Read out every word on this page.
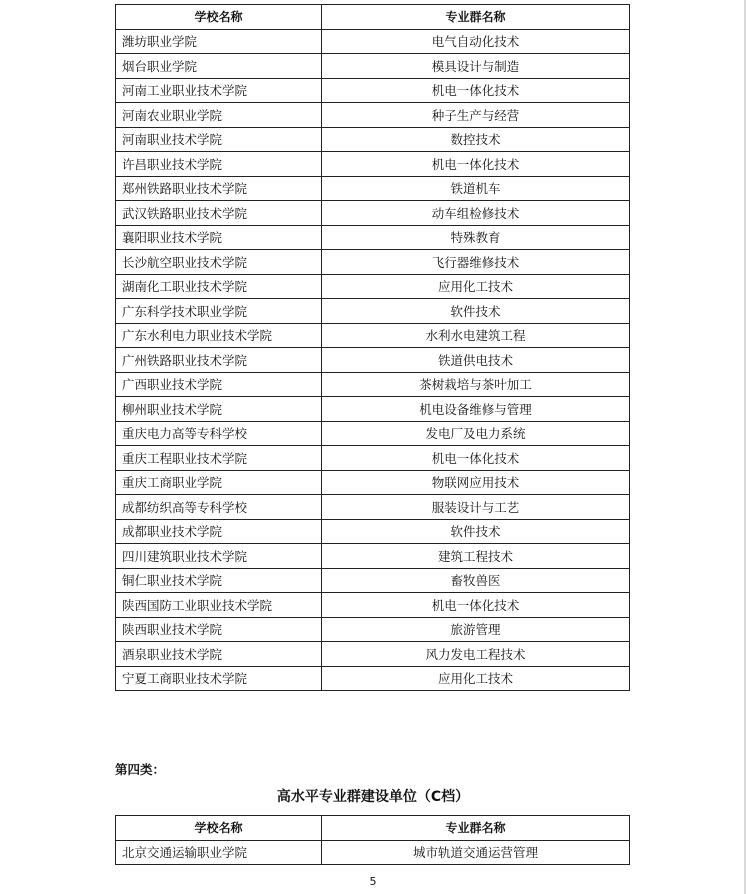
学校名称	专业群名称
潍坊职业学院	电气自动化技术
烟台职业学院	模具设计与制造
河南工业职业技术学院	机电一体化技术
河南农业职业学院	种子生产与经营
河南职业技术学院	数控技术
许昌职业技术学院	机电一体化技术
郑州铁路职业技术学院	铁道机车
武汉铁路职业技术学院	动车组检修技术
襄阳职业技术学院	特殊教育
长沙航空职业技术学院	飞行器维修技术
湖南化工职业技术学院	应用化工技术
广东科学技术职业学院	软件技术
广东水利电力职业技术学院	水利水电建筑工程
广州铁路职业技术学院	铁道供电技术
广西职业技术学院	茶树栽培与茶叶加工
柳州职业技术学院	机电设备维修与管理
重庆电力高等专科学校	发电厂及电力系统
重庆工程职业技术学院	机电一体化技术
重庆工商职业学院	物联网应用技术
成都纺织高等专科学校	服装设计与工艺
成都职业技术学院	软件技术
四川建筑职业技术学院	建筑工程技术
铜仁职业技术学院	畜牧兽医
陕西国防工业职业技术学院	机电一体化技术
陕西职业技术学院	旅游管理
酒泉职业技术学院	风力发电工程技术
宁夏工商职业技术学院	应用化工技术
第四类：
高水平专业群建设单位（C档）
学校名称	专业群名称
北京交通运输职业学院	城市轨道交通运营管理
5
